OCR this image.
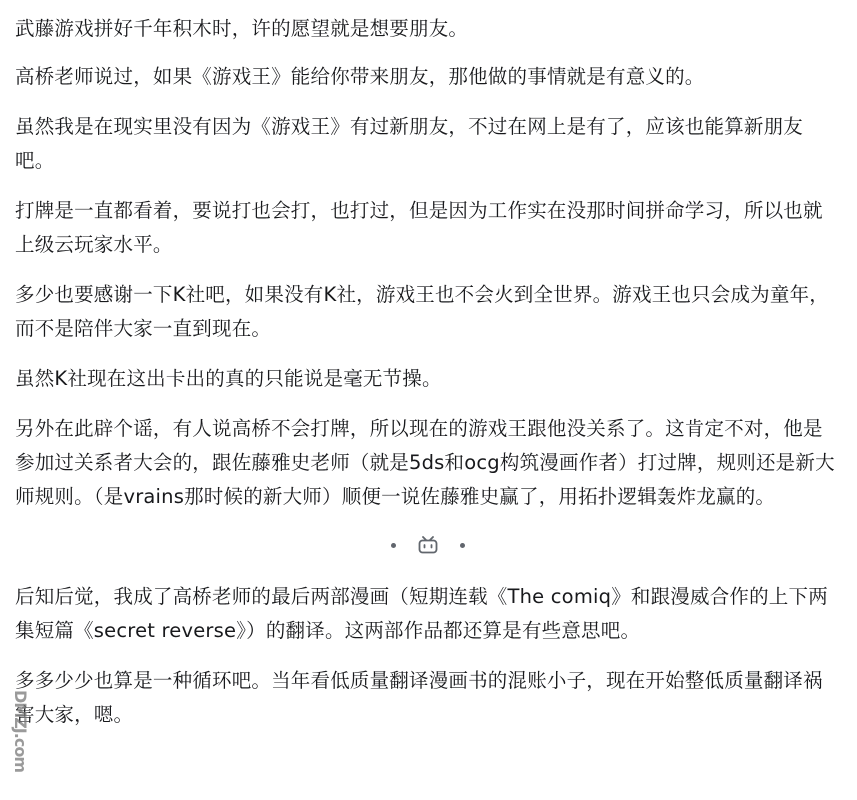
武藤游戏拼好千年积木时，许的愿望就是想要朋友。

高桥老师说过，如果《游戏王》能给你带来朋友，那他做的事情就是有意义的。

虽然我是在现实里没有因为《游戏王》有过新朋友，不过在网上是有了，应该也能算新朋友吧。

打牌是一直都看着，要说打也会打，也打过，但是因为工作实在没那时间拼命学习，所以也就上级云玩家水平。

多少也要感谢一下K社吧，如果没有K社，游戏王也不会火到全世界。游戏王也只会成为童年，而不是陪伴大家一直到现在。

虽然K社现在这出卡出的真的只能说是毫无节操。

另外在此辟个谣，有人说高桥不会打牌，所以现在的游戏王跟他没关系了。这肯定不对，他是参加过关系者大会的，跟佐藤雅史老师（就是5ds和ocg构筑漫画作者）打过牌，规则还是新大师规则。（是vrains那时候的新大师）顺便一说佐藤雅史赢了，用拓扑逻辑轰炸龙赢的。

后知后觉，我成了高桥老师的最后两部漫画（短期连载《The comiq》和跟漫威合作的上下两集短篇《secret reverse》）的翻译。这两部作品都还算是有些意思吧。

多多少少也算是一种循环吧。当年看低质量翻译漫画书的混账小子，现在开始整低质量翻译祸害大家，嗯。

DMZJ.com
